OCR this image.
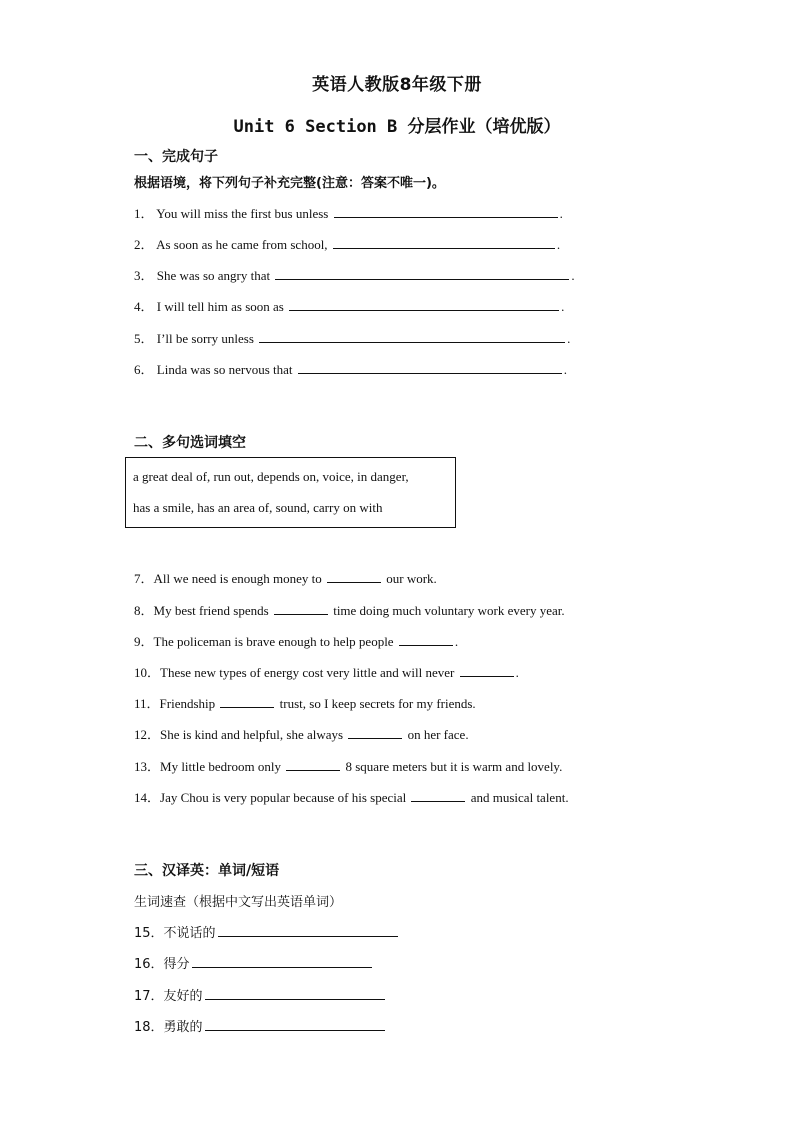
英语人教版8年级下册
Unit 6 Section B 分层作业（培优版）
一、完成句子
根据语境，将下列句子补充完整(注意：答案不唯一)。
1． You will miss the first bus unless	.
2． As soon as he came from school,	.
3． She was so angry that	.
4． I will tell him as soon as	.
5． I’ll be sorry unless	.
6． Linda was so nervous that	.
二、多句选词填空
a great deal of, run out, depends on, voice, in danger,
has a smile, has an area of, sound, carry on with
7．All we need is enough money to	our work.
8．My best friend spends	time doing much voluntary work every year.
9．The policeman is brave enough to help people	.
10．These new types of energy cost very little and will never	.
11．Friendship	trust, so I keep secrets for my friends.
12．She is kind and helpful, she always	on her face.
13．My little bedroom only	8 square meters but it is warm and lovely.
14．Jay Chou is very popular because of his special	and musical talent.
三、汉译英：单词/短语
生词速查（根据中文写出英语单词）
15．不说话的
16．得分
17．友好的
18．勇敢的
